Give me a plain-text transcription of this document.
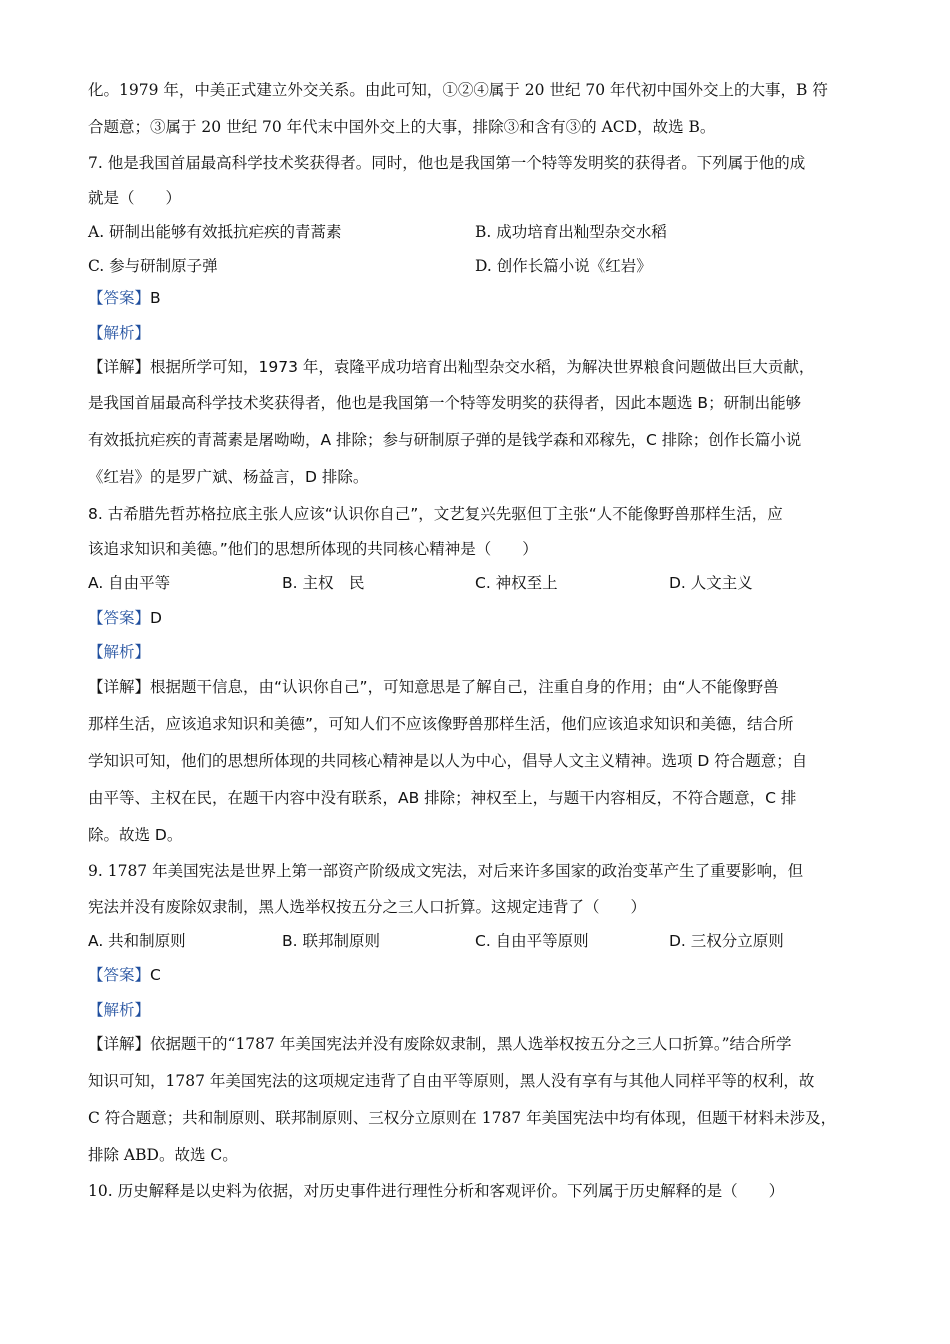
化。1979 年，中美正式建立外交关系。由此可知，①②④属于 20 世纪 70 年代初中国外交上的大事，B 符
合题意；③属于 20 世纪 70 年代末中国外交上的大事，排除③和含有③的 ACD，故选 B。
7. 他是我国首届最高科学技术奖获得者。同时，他也是我国第一个特等发明奖的获得者。下列属于他的成
就是（　　）
A. 研制出能够有效抵抗疟疾的青蒿素	B. 成功培育出籼型杂交水稻
C. 参与研制原子弹	D. 创作长篇小说《红岩》
【答案】B
【解析】
【详解】根据所学可知，1973 年，袁隆平成功培育出籼型杂交水稻，为解决世界粮食问题做出巨大贡献，
是我国首届最高科学技术奖获得者，他也是我国第一个特等发明奖的获得者，因此本题选 B；研制出能够
有效抵抗疟疾的青蒿素是屠呦呦，A 排除；参与研制原子弹的是钱学森和邓稼先，C 排除；创作长篇小说
《红岩》的是罗广斌、杨益言，D 排除。
8. 古希腊先哲苏格拉底主张人应该“认识你自己”，文艺复兴先驱但丁主张“人不能像野兽那样生活，应
该追求知识和美德。”他们的思想所体现的共同核心精神是（　　）
A. 自由平等	B. 主权　民	C. 神权至上	D. 人文主义
【答案】D
【解析】
【详解】根据题干信息，由“认识你自己”，可知意思是了解自己，注重自身的作用；由“人不能像野兽
那样生活，应该追求知识和美德”，可知人们不应该像野兽那样生活，他们应该追求知识和美德，结合所
学知识可知，他们的思想所体现的共同核心精神是以人为中心，倡导人文主义精神。选项 D 符合题意；自
由平等、主权在民，在题干内容中没有联系，AB 排除；神权至上，与题干内容相反，不符合题意，C 排
除。故选 D。
9. 1787 年美国宪法是世界上第一部资产阶级成文宪法，对后来许多国家的政治变革产生了重要影响，但
宪法并没有废除奴隶制，黑人选举权按五分之三人口折算。这规定违背了（　　）
A. 共和制原则	B. 联邦制原则	C. 自由平等原则	D. 三权分立原则
【答案】C
【解析】
【详解】依据题干的“1787 年美国宪法并没有废除奴隶制，黑人选举权按五分之三人口折算。”结合所学
知识可知，1787 年美国宪法的这项规定违背了自由平等原则，黑人没有享有与其他人同样平等的权利，故
C 符合题意；共和制原则、联邦制原则、三权分立原则在 1787 年美国宪法中均有体现，但题干材料未涉及，
排除 ABD。故选 C。
10. 历史解释是以史料为依据，对历史事件进行理性分析和客观评价。下列属于历史解释的是（　　）
